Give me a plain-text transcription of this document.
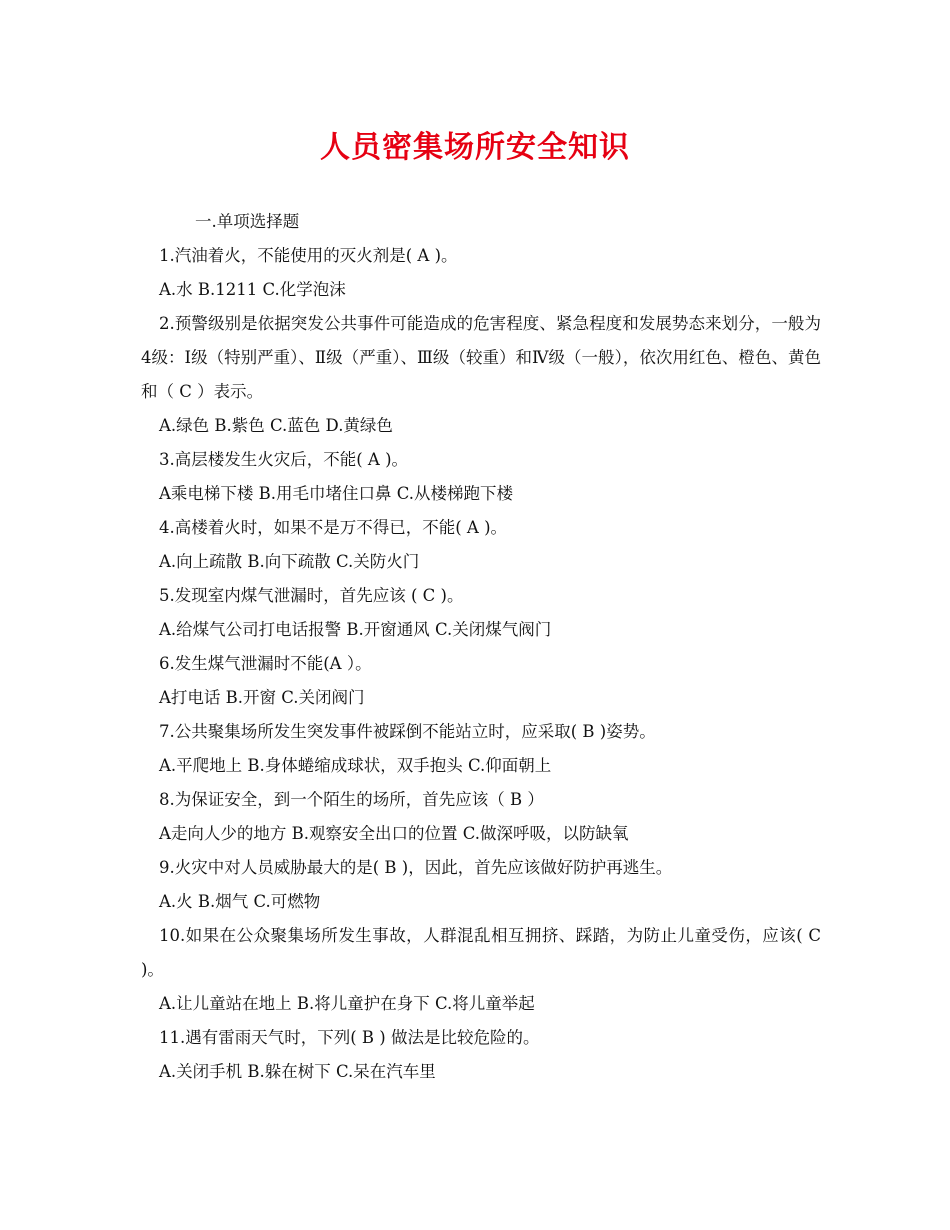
人员密集场所安全知识
一.单项选择题
1.汽油着火，不能使用的灭火剂是( A )。
A.水 B.1211 C.化学泡沫
2.预警级别是依据突发公共事件可能造成的危害程度、紧急程度和发展势态来划分，一般为4级：Ⅰ级（特别严重）、Ⅱ级（严重）、Ⅲ级（较重）和Ⅳ级（一般），依次用红色、橙色、黄色和（ C ）表示。
A.绿色 B.紫色 C.蓝色 D.黄绿色
3.高层楼发生火灾后，不能( A )。
A乘电梯下楼 B.用毛巾堵住口鼻 C.从楼梯跑下楼
4.高楼着火时，如果不是万不得已，不能( A )。
A.向上疏散 B.向下疏散 C.关防火门
5.发现室内煤气泄漏时，首先应该 ( C )。
A.给煤气公司打电话报警 B.开窗通风 C.关闭煤气阀门
6.发生煤气泄漏时不能(A ）。
A打电话 B.开窗 C.关闭阀门
7.公共聚集场所发生突发事件被踩倒不能站立时，应采取( B )姿势。
A.平爬地上 B.身体蜷缩成球状，双手抱头 C.仰面朝上
8.为保证安全，到一个陌生的场所，首先应该（ B ）
A走向人少的地方 B.观察安全出口的位置 C.做深呼吸，以防缺氧
9.火灾中对人员威胁最大的是( B )，因此，首先应该做好防护再逃生。
A.火 B.烟气 C.可燃物
10.如果在公众聚集场所发生事故，人群混乱相互拥挤、踩踏，为防止儿童受伤，应该( C )。
A.让儿童站在地上 B.将儿童护在身下 C.将儿童举起
11.遇有雷雨天气时，下列( B ) 做法是比较危险的。
A.关闭手机 B.躲在树下 C.呆在汽车里
